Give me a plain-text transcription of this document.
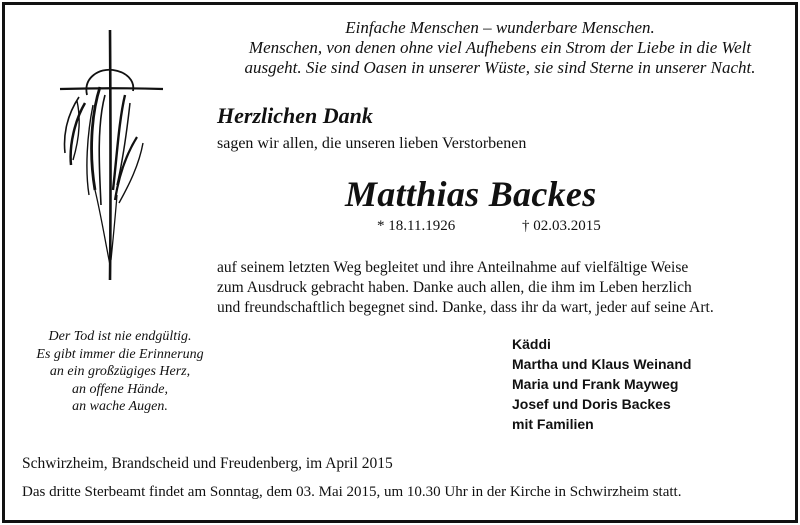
Einfache Menschen – wunderbare Menschen.
Menschen, von denen ohne viel Aufhebens ein Strom der Liebe in die Welt
ausgeht. Sie sind Oasen in unserer Wüste, sie sind Sterne in unserer Nacht.
Herzlichen Dank
sagen wir allen, die unseren lieben Verstorbenen
Matthias Backes
* 18.11.1926	† 02.03.2015
auf seinem letzten Weg begleitet und ihre Anteilnahme auf vielfältige Weise
zum Ausdruck gebracht haben. Danke auch allen, die ihm im Leben herzlich
und freundschaftlich begegnet sind. Danke, dass ihr da wart, jeder auf seine Art.
Der Tod ist nie endgültig.
Es gibt immer die Erinnerung
an ein großzügiges Herz,
an offene Hände,
an wache Augen.
Käddi
Martha und Klaus Weinand
Maria und Frank Mayweg
Josef und Doris Backes
mit Familien
Schwirzheim, Brandscheid und Freudenberg, im April 2015
Das dritte Sterbeamt findet am Sonntag, dem 03. Mai 2015, um 10.30 Uhr in der Kirche in Schwirzheim statt.
